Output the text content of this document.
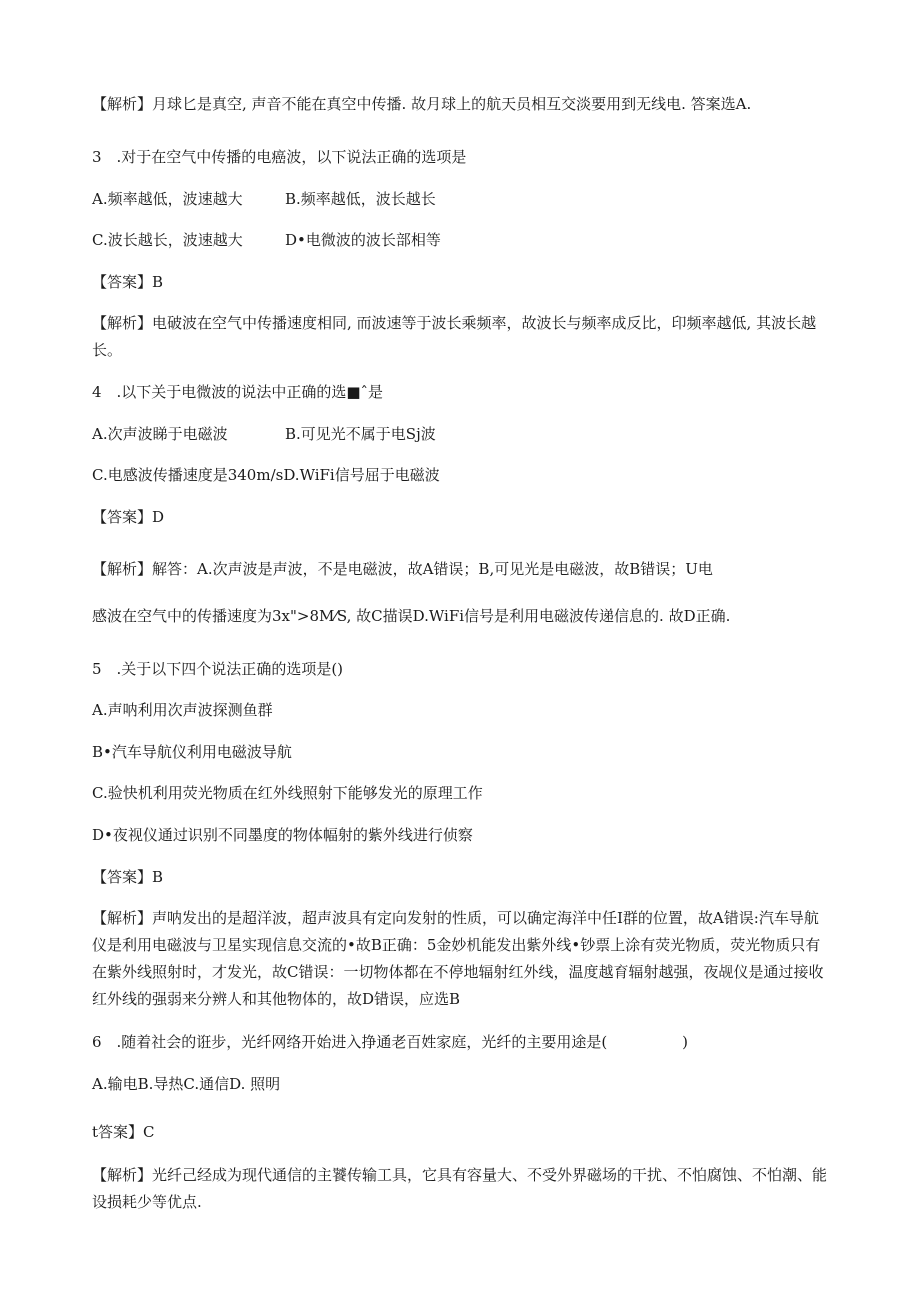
【解析】月球匕是真空, 声音不能在真空中传播. 故月球上的航天员相互交淡要用到无线电. 答案选A.
3　.对于在空气中传播的电癌波，以下说法正确的选项是
A.频率越低，波速越大	B.频率越低，波长越长
C.波长越长，波速越大	D•电微波的波长部相等
【答案】B
【解析】电破波在空气中传播速度相同, 而波速等于波长乘频率，故波长与频率成反比，印频率越低, 其波长越长。
4　.以下关于电微波的说法中正确的选■ˆ是
A.次声波睇于电磁波	B.可见光不属于电Sj波
C.电感波传播速度是340m/sD.WiFi信号屈于电磁波
【答案】D
【解析】解答：A.次声波是声波，不是电磁波，故A错误；B,可见光是电磁波，故B错误；U电
感波在空气中的传播速度为3x">8M⁄S, 故C描误D.WiFi信号是利用电磁波传递信息的. 故D正确.
5　.关于以下四个说法正确的选项是()
A.声呐利用次声波探测鱼群
B•汽车导航仪利用电磁波导航
C.验快机利用荧光物质在红外线照射下能够发光的原理工作
D•夜视仪通过识别不同墨度的物体幅射的紫外线进行侦察
【答案】B
【解析】声呐发出的是超洋波，超声波具有定向发射的性质，可以确定海洋中任I群的位置，故A错误:汽车导航仪是利用电磁波与卫星实现信息交流的•故B正确：5金妙机能发出紫外线•钞票上涂有荧光物质，荧光物质只有在紫外线照射时，才发光，故C错误：一切物体都在不停地辐射红外线，温度越育辐射越强，夜觇仪是通过接收红外线的强弱来分辨人和其他物体的，故D错误，应选B
6　.随着社会的诳步，光纤网络开始进入挣通老百姓家庭，光纤的主要用途是(　　　　　)
A.输电B.导热C.通信D. 照明
t答案】C
【解析】光纤己经成为现代通信的主饕传输工具，它具有容量大、不受外界磁场的干扰、不怕腐蚀、不怕潮、能设损耗少等优点.
